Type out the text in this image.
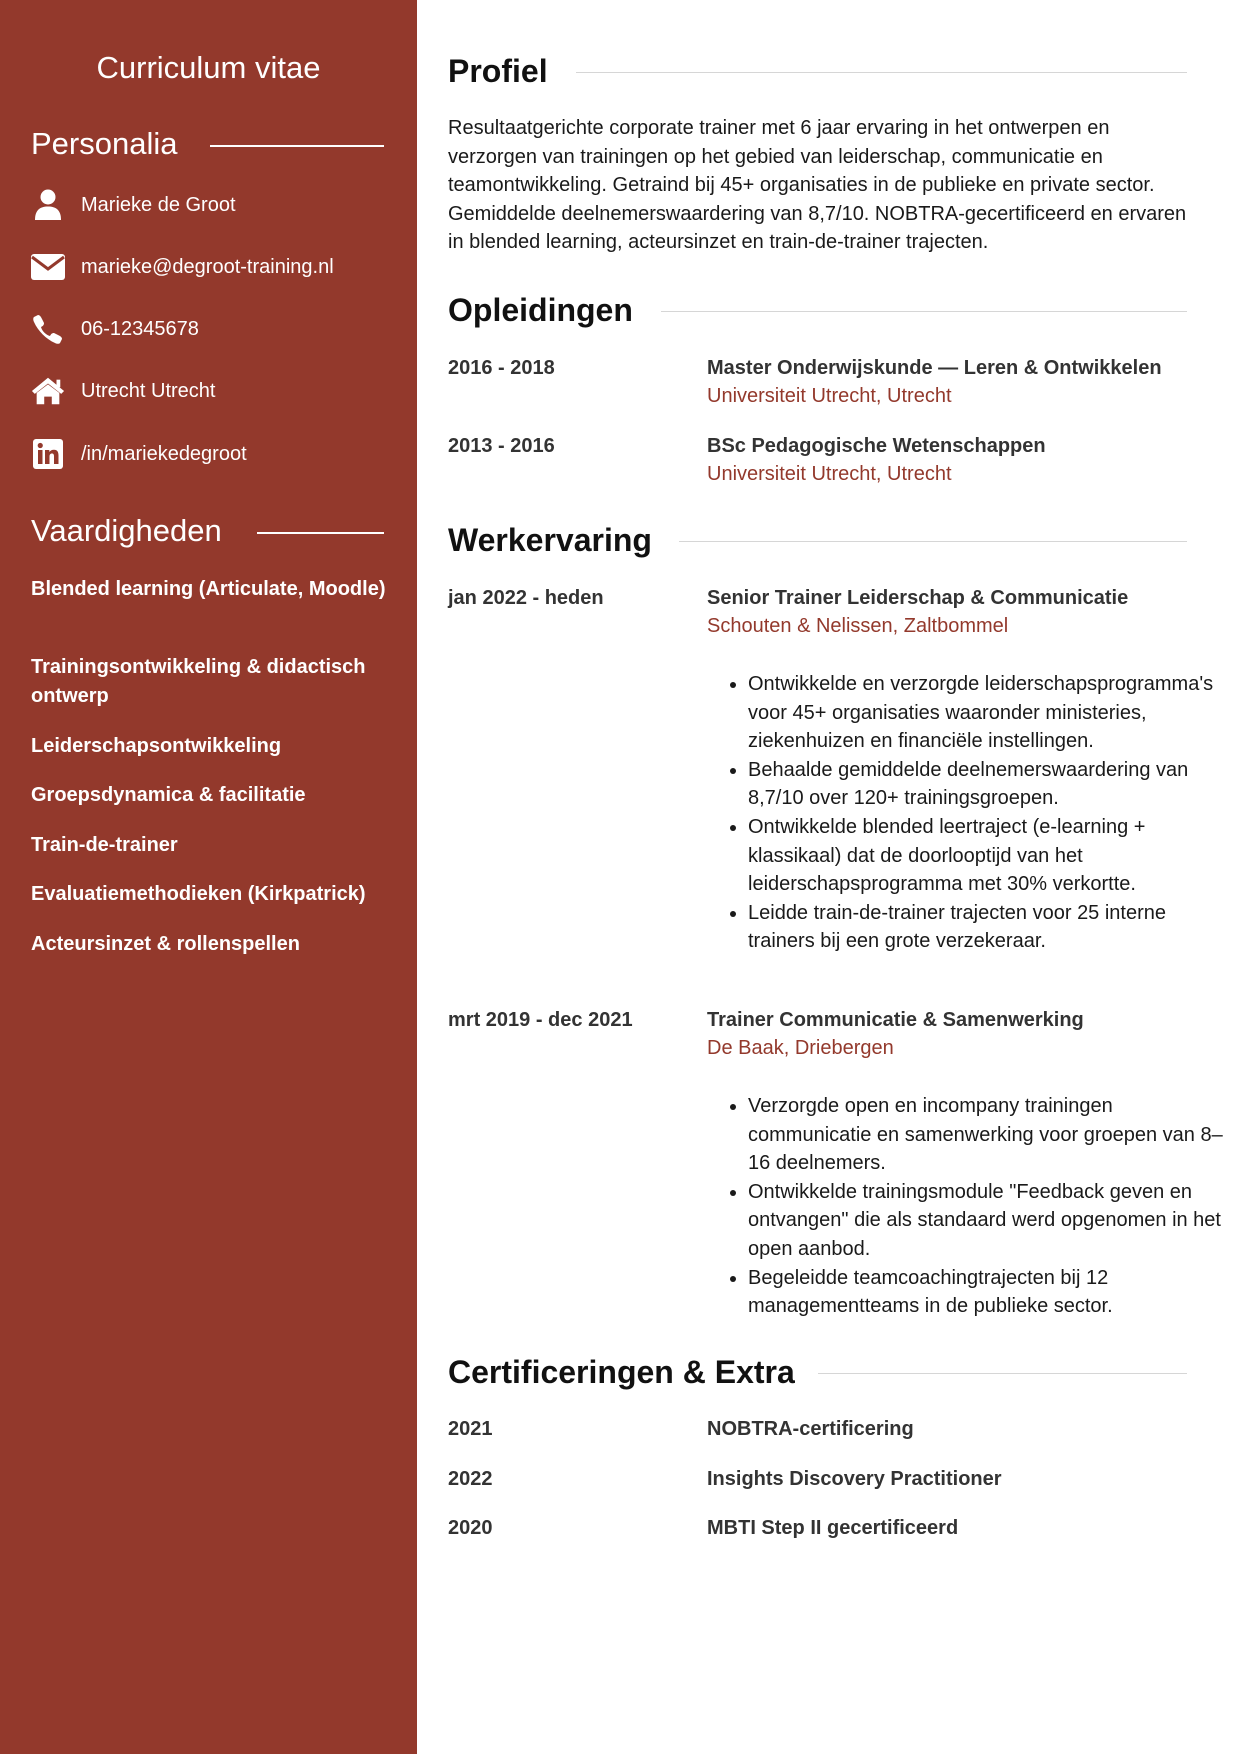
Curriculum vitae
Personalia
Marieke de Groot
marieke@degroot-training.nl
06-12345678
Utrecht Utrecht
/in/mariekedegroot
Vaardigheden
Blended learning (Articulate, Moodle)
Trainingsontwikkeling & didactisch ontwerp
Leiderschapsontwikkeling
Groepsdynamica & facilitatie
Train-de-trainer
Evaluatiemethodieken (Kirkpatrick)
Acteursinzet & rollenspellen
Profiel
Resultaatgerichte corporate trainer met 6 jaar ervaring in het ontwerpen en verzorgen van trainingen op het gebied van leiderschap, communicatie en teamontwikkeling. Getraind bij 45+ organisaties in de publieke en private sector. Gemiddelde deelnemerswaardering van 8,7/10. NOBTRA-gecertificeerd en ervaren in blended learning, acteursinzet en train-de-trainer trajecten.
Opleidingen
2016 - 2018	Master Onderwijskunde — Leren & Ontwikkelen
Universiteit Utrecht, Utrecht
2013 - 2016	BSc Pedagogische Wetenschappen
Universiteit Utrecht, Utrecht
Werkervaring
jan 2022 - heden	Senior Trainer Leiderschap & Communicatie
Schouten & Nelissen, Zaltbommel
• Ontwikkelde en verzorgde leiderschapsprogramma's voor 45+ organisaties waaronder ministeries, ziekenhuizen en financiële instellingen.
• Behaalde gemiddelde deelnemerswaardering van 8,7/10 over 120+ trainingsgroepen.
• Ontwikkelde blended leertraject (e-learning + klassikaal) dat de doorlooptijd van het leiderschapsprogramma met 30% verkortte.
• Leidde train-de-trainer trajecten voor 25 interne trainers bij een grote verzekeraar.
mrt 2019 - dec 2021	Trainer Communicatie & Samenwerking
De Baak, Driebergen
• Verzorgde open en incompany trainingen communicatie en samenwerking voor groepen van 8–16 deelnemers.
• Ontwikkelde trainingsmodule "Feedback geven en ontvangen" die als standaard werd opgenomen in het open aanbod.
• Begeleidde teamcoachingtrajecten bij 12 managementteams in de publieke sector.
Certificeringen & Extra
2021	NOBTRA-certificering
2022	Insights Discovery Practitioner
2020	MBTI Step II gecertificeerd
